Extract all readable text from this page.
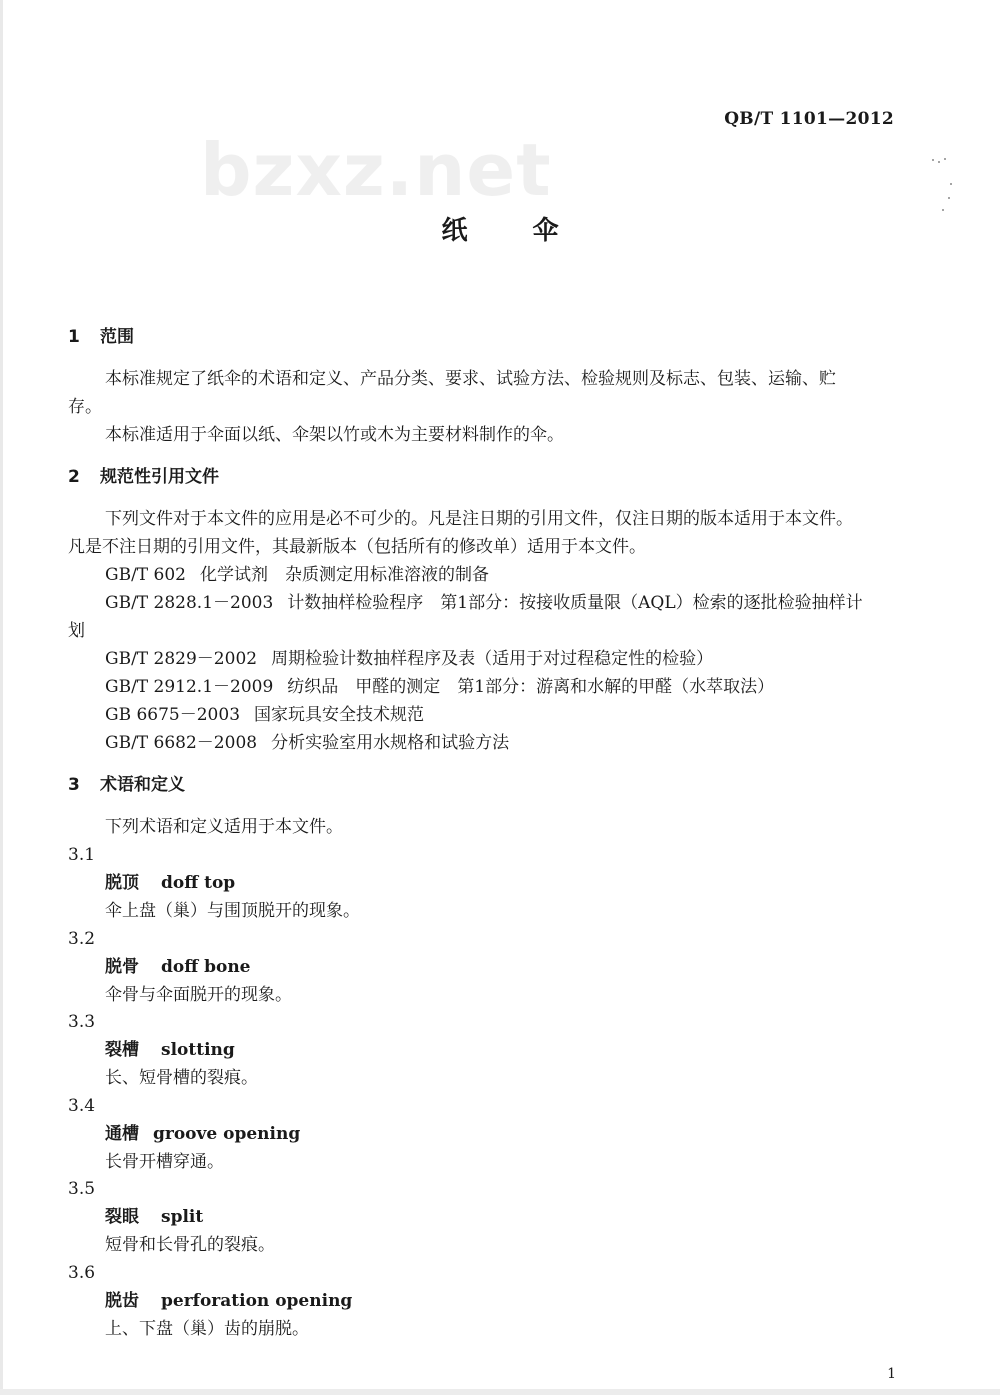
bzxz.net
QB/T 1101—2012
纸 伞
1 范围
本标准规定了纸伞的术语和定义、产品分类、要求、试验方法、检验规则及标志、包装、运输、贮
存。
本标准适用于伞面以纸、伞架以竹或木为主要材料制作的伞。
2 规范性引用文件
下列文件对于本文件的应用是必不可少的。凡是注日期的引用文件，仅注日期的版本适用于本文件。
凡是不注日期的引用文件，其最新版本（包括所有的修改单）适用于本文件。
GB/T 602 化学试剂　杂质测定用标准溶液的制备
GB/T 2828.1－2003 计数抽样检验程序　第1部分：按接收质量限（AQL）检索的逐批检验抽样计
划
GB/T 2829－2002 周期检验计数抽样程序及表（适用于对过程稳定性的检验）
GB/T 2912.1－2009 纺织品　甲醛的测定　第1部分：游离和水解的甲醛（水萃取法）
GB 6675－2003 国家玩具安全技术规范
GB/T 6682－2008 分析实验室用水规格和试验方法
3 术语和定义
下列术语和定义适用于本文件。
3.1
脱顶 doff top
伞上盘（巢）与围顶脱开的现象。
3.2
脱骨 doff bone
伞骨与伞面脱开的现象。
3.3
裂槽 slotting
长、短骨槽的裂痕。
3.4
通槽 groove opening
长骨开槽穿通。
3.5
裂眼 split
短骨和长骨孔的裂痕。
3.6
脱齿 perforation opening
上、下盘（巢）齿的崩脱。
1
